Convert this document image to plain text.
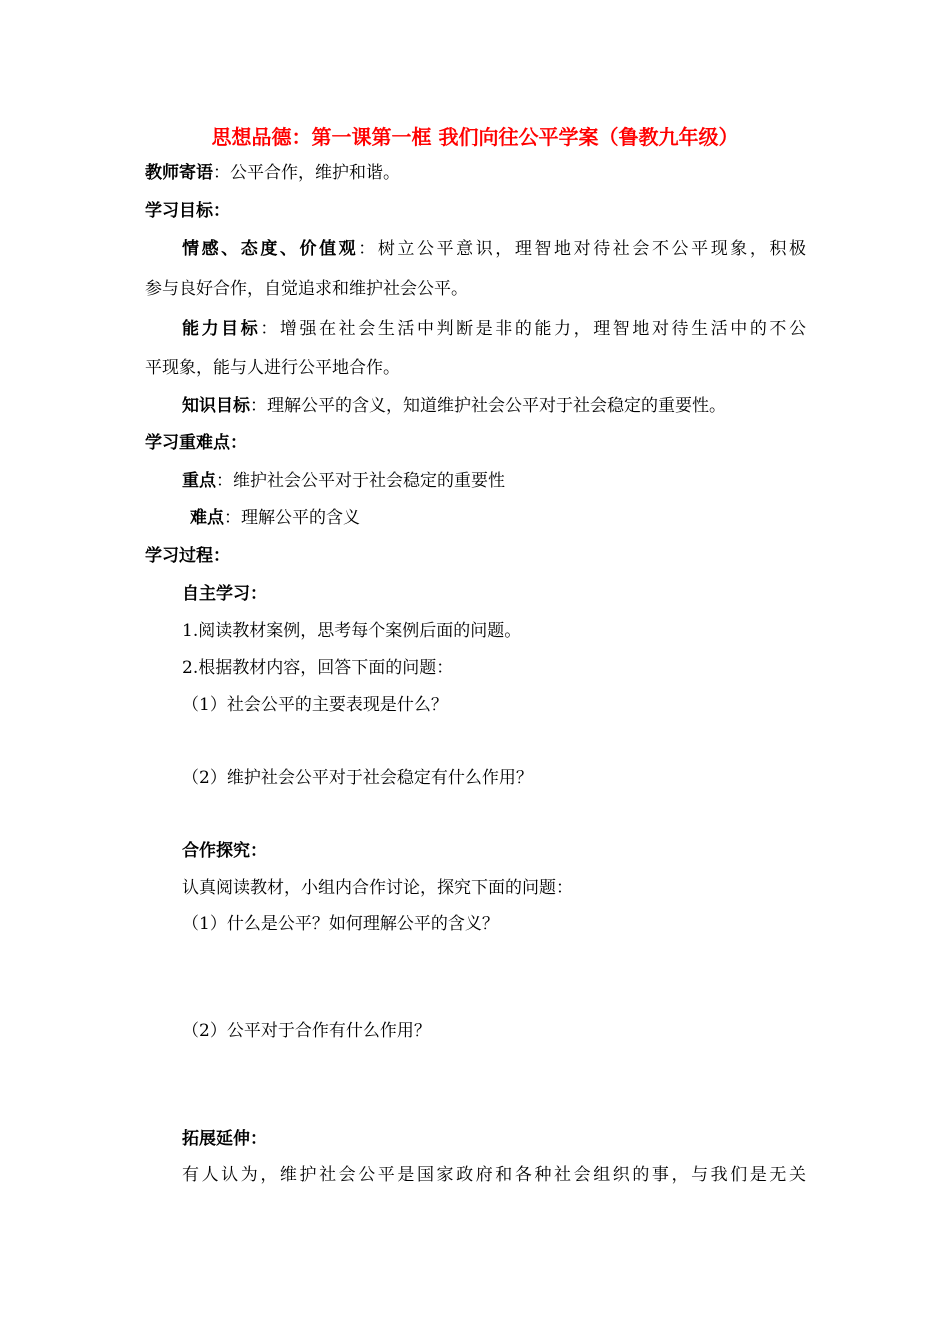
思想品德：第一课第一框 我们向往公平学案（鲁教九年级）
教师寄语：公平合作，维护和谐。
学习目标：
情感、态度、价值观：树立公平意识，理智地对待社会不公平现象，积极
参与良好合作，自觉追求和维护社会公平。
能力目标：增强在社会生活中判断是非的能力，理智地对待生活中的不公
平现象，能与人进行公平地合作。
知识目标：理解公平的含义，知道维护社会公平对于社会稳定的重要性。
学习重难点：
重点：维护社会公平对于社会稳定的重要性
难点：理解公平的含义
学习过程：
自主学习：
1.阅读教材案例，思考每个案例后面的问题。
2.根据教材内容，回答下面的问题：
（1）社会公平的主要表现是什么？
（2）维护社会公平对于社会稳定有什么作用？
合作探究：
认真阅读教材，小组内合作讨论，探究下面的问题：
（1）什么是公平？如何理解公平的含义？
（2）公平对于合作有什么作用？
拓展延伸：
有人认为，维护社会公平是国家政府和各种社会组织的事，与我们是无关
